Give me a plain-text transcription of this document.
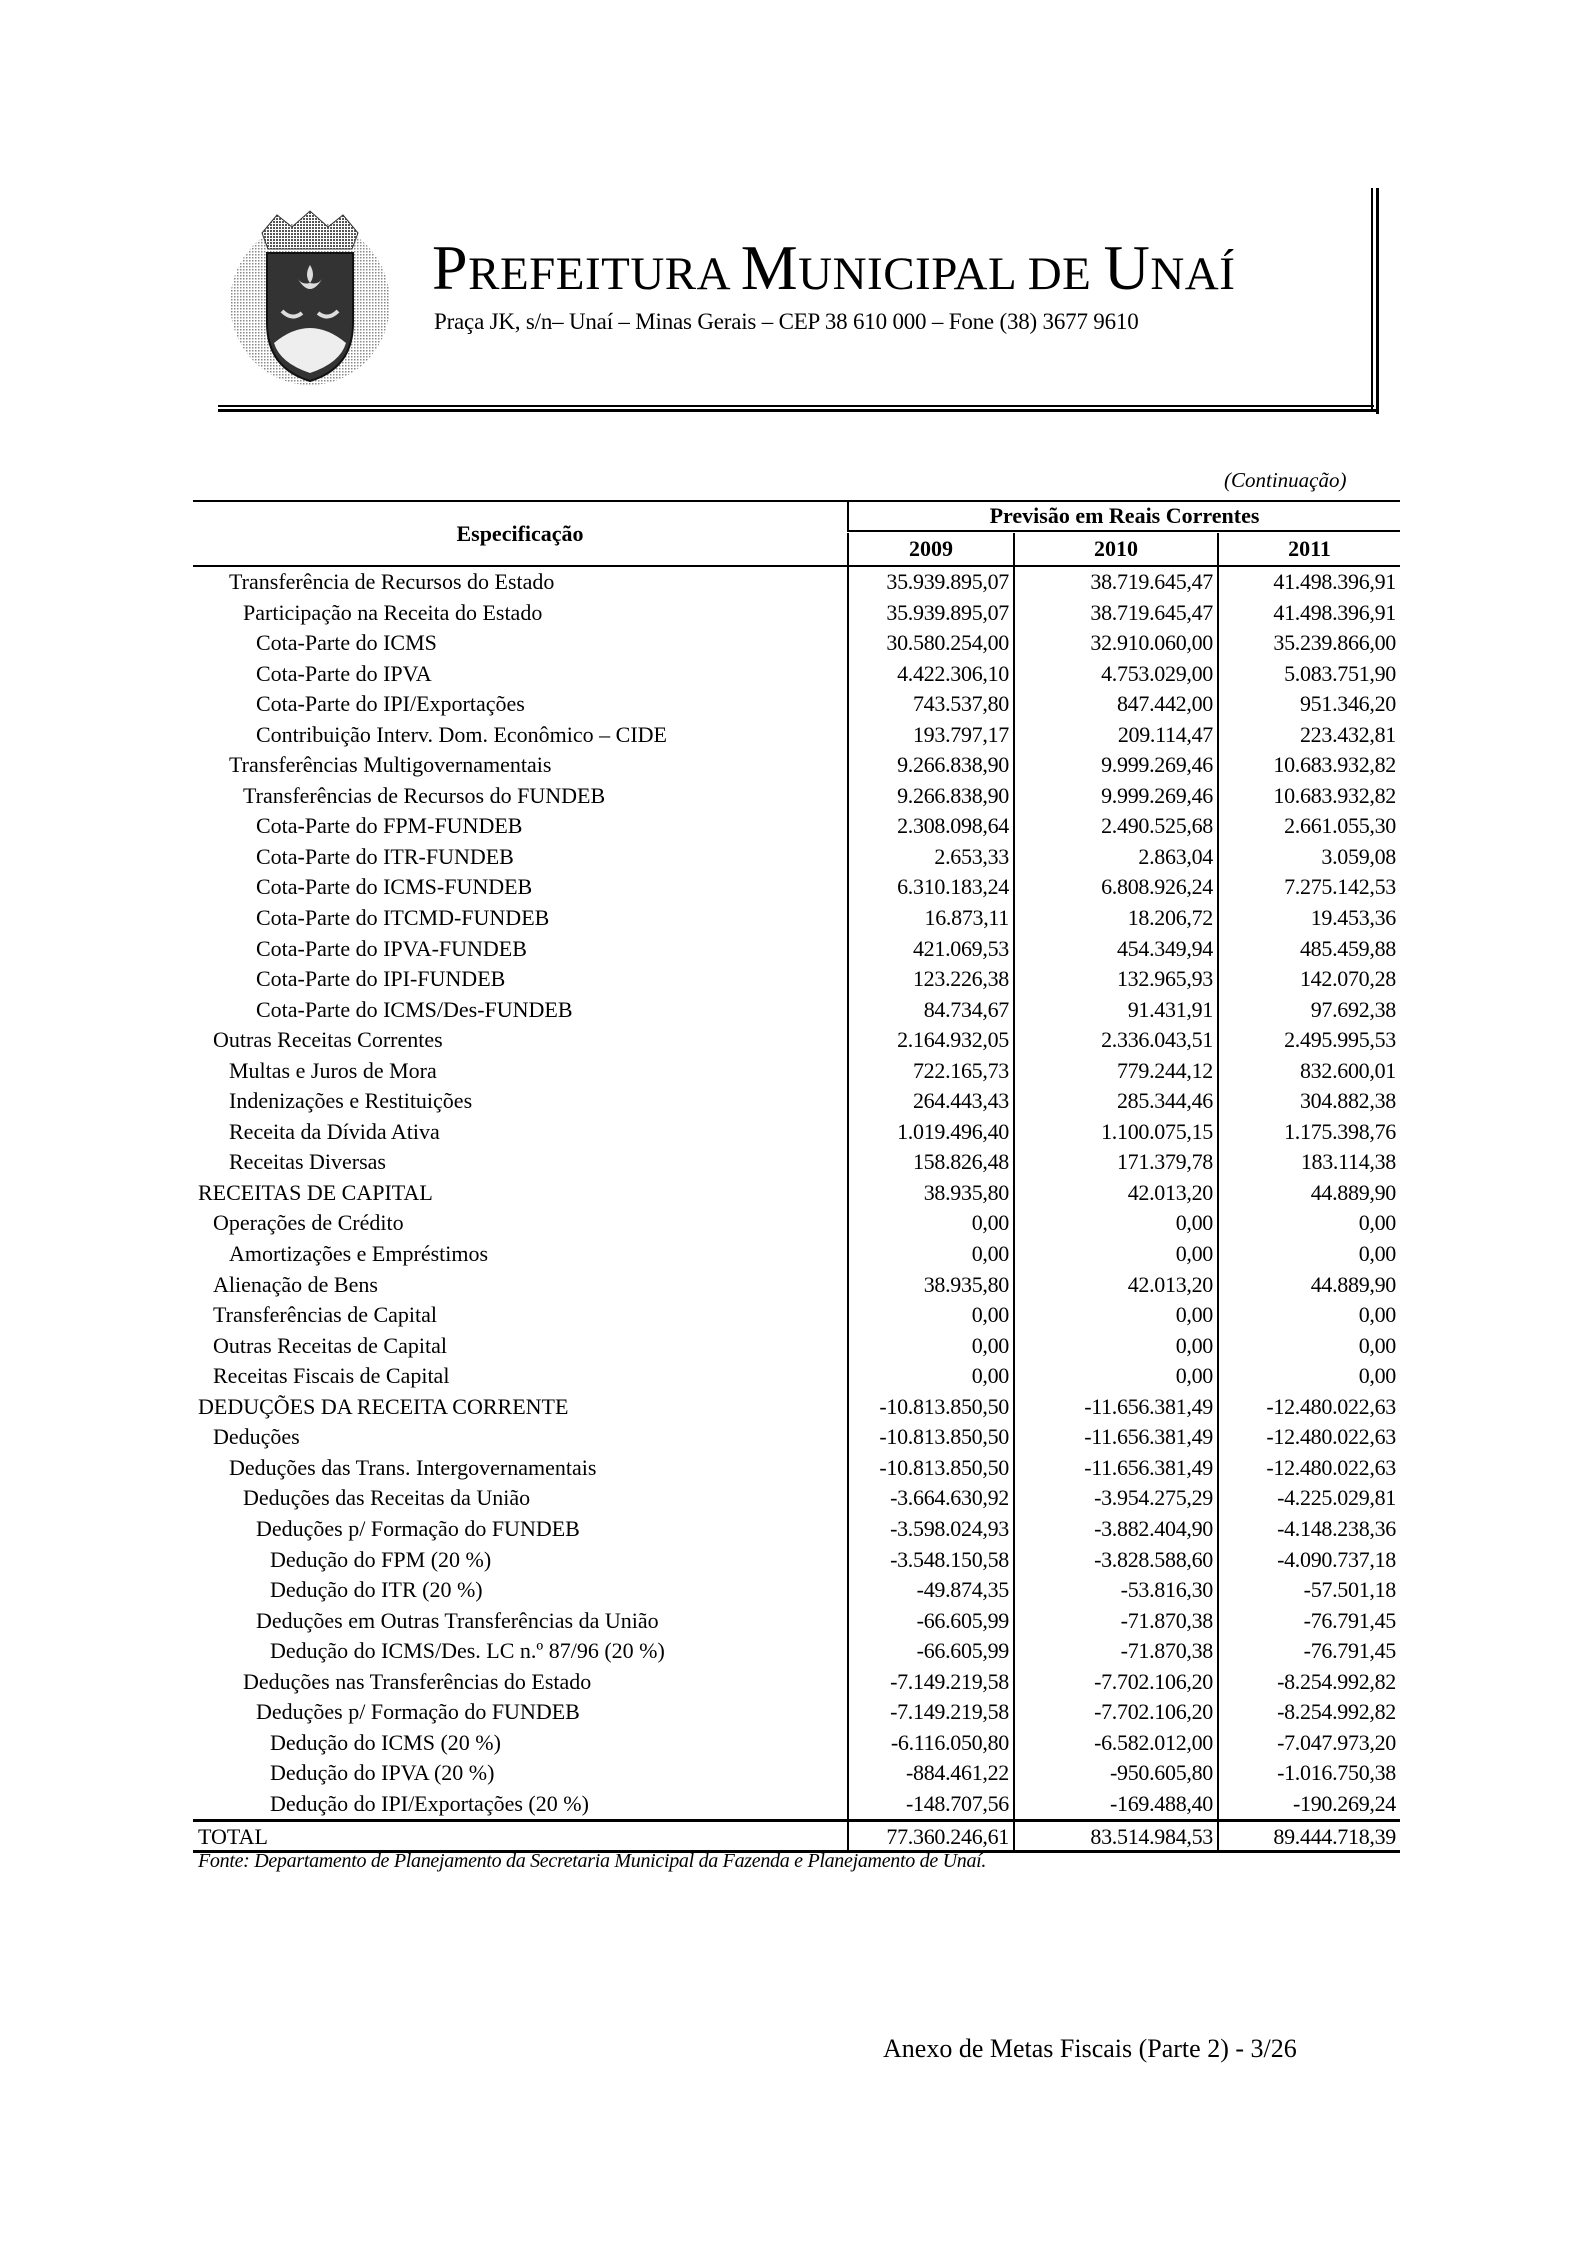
PREFEITURA MUNICIPAL DE UNAÍ
Praça JK, s/n– Unaí – Minas Gerais – CEP 38 610 000 – Fone (38) 3677 9610
(Continuação)
Especificação
Previsão em Reais Correntes
2009	2010	2011
Transferência de Recursos do Estado	35.939.895,07	38.719.645,47	41.498.396,91
Participação na Receita do Estado	35.939.895,07	38.719.645,47	41.498.396,91
Cota-Parte do ICMS	30.580.254,00	32.910.060,00	35.239.866,00
Cota-Parte do IPVA	4.422.306,10	4.753.029,00	5.083.751,90
Cota-Parte do IPI/Exportações	743.537,80	847.442,00	951.346,20
Contribuição Interv. Dom. Econômico – CIDE	193.797,17	209.114,47	223.432,81
Transferências Multigovernamentais	9.266.838,90	9.999.269,46	10.683.932,82
Transferências de Recursos do FUNDEB	9.266.838,90	9.999.269,46	10.683.932,82
Cota-Parte do FPM-FUNDEB	2.308.098,64	2.490.525,68	2.661.055,30
Cota-Parte do ITR-FUNDEB	2.653,33	2.863,04	3.059,08
Cota-Parte do ICMS-FUNDEB	6.310.183,24	6.808.926,24	7.275.142,53
Cota-Parte do ITCMD-FUNDEB	16.873,11	18.206,72	19.453,36
Cota-Parte do IPVA-FUNDEB	421.069,53	454.349,94	485.459,88
Cota-Parte do IPI-FUNDEB	123.226,38	132.965,93	142.070,28
Cota-Parte do ICMS/Des-FUNDEB	84.734,67	91.431,91	97.692,38
Outras Receitas Correntes	2.164.932,05	2.336.043,51	2.495.995,53
Multas e Juros de Mora	722.165,73	779.244,12	832.600,01
Indenizações e Restituições	264.443,43	285.344,46	304.882,38
Receita da Dívida Ativa	1.019.496,40	1.100.075,15	1.175.398,76
Receitas Diversas	158.826,48	171.379,78	183.114,38
RECEITAS DE CAPITAL	38.935,80	42.013,20	44.889,90
Operações de Crédito	0,00	0,00	0,00
Amortizações e Empréstimos	0,00	0,00	0,00
Alienação de Bens	38.935,80	42.013,20	44.889,90
Transferências de Capital	0,00	0,00	0,00
Outras Receitas de Capital	0,00	0,00	0,00
Receitas Fiscais de Capital	0,00	0,00	0,00
DEDUÇÕES DA RECEITA CORRENTE	-10.813.850,50	-11.656.381,49	-12.480.022,63
Deduções	-10.813.850,50	-11.656.381,49	-12.480.022,63
Deduções das Trans. Intergovernamentais	-10.813.850,50	-11.656.381,49	-12.480.022,63
Deduções das Receitas da União	-3.664.630,92	-3.954.275,29	-4.225.029,81
Deduções p/ Formação do FUNDEB	-3.598.024,93	-3.882.404,90	-4.148.238,36
Dedução do FPM (20 %)	-3.548.150,58	-3.828.588,60	-4.090.737,18
Dedução do ITR (20 %)	-49.874,35	-53.816,30	-57.501,18
Deduções em Outras Transferências da União	-66.605,99	-71.870,38	-76.791,45
Dedução do ICMS/Des. LC n.º 87/96 (20 %)	-66.605,99	-71.870,38	-76.791,45
Deduções nas Transferências do Estado	-7.149.219,58	-7.702.106,20	-8.254.992,82
Deduções p/ Formação do FUNDEB	-7.149.219,58	-7.702.106,20	-8.254.992,82
Dedução do ICMS (20 %)	-6.116.050,80	-6.582.012,00	-7.047.973,20
Dedução do IPVA (20 %)	-884.461,22	-950.605,80	-1.016.750,38
Dedução do IPI/Exportações (20 %)	-148.707,56	-169.488,40	-190.269,24
TOTAL	77.360.246,61	83.514.984,53	89.444.718,39
Fonte: Departamento de Planejamento da Secretaria Municipal da Fazenda e Planejamento de Unaí.
Anexo de Metas Fiscais (Parte 2) - 3/26
